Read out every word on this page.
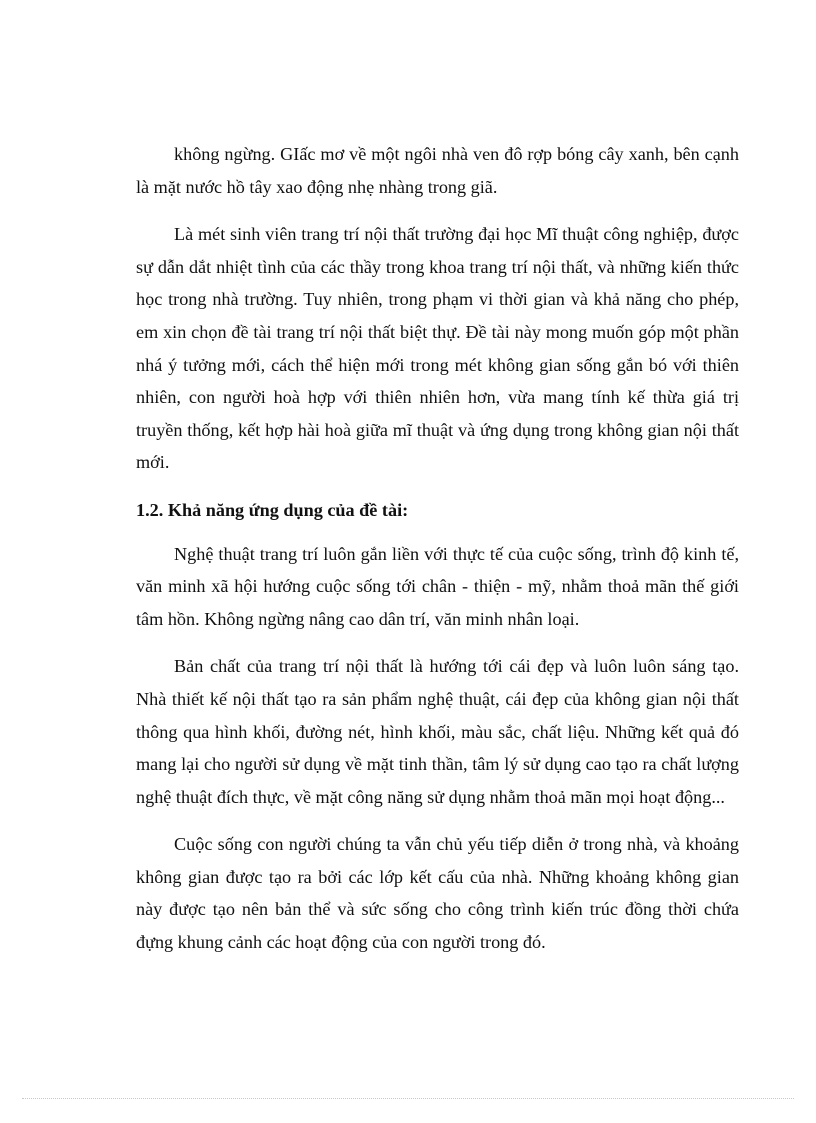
không ngừng. GIấc mơ về một ngôi nhà ven đô rợp bóng cây xanh, bên cạnh là mặt nước hồ tây xao động nhẹ nhàng trong giã.

Là mét sinh viên trang trí nội thất trường đại học Mĩ thuật công nghiệp, được sự dẫn dắt nhiệt tình của các thầy trong khoa trang trí nội thất, và những kiến thức học trong nhà trường. Tuy nhiên, trong phạm vi thời gian và khả năng cho phép, em xin chọn đề tài trang trí nội thất biệt thự. Đề tài này mong muốn góp một phần nhá ý tưởng mới, cách thể hiện mới trong mét không gian sống gắn bó với thiên nhiên, con người hoà hợp với thiên nhiên hơn, vừa mang tính kế thừa giá trị truyền thống, kết hợp hài hoà giữa mĩ thuật và ứng dụng trong không gian nội thất mới.

1.2. Khả năng ứng dụng của đề tài:

Nghệ thuật trang trí luôn gắn liền với thực tế của cuộc sống, trình độ kinh tế, văn minh xã hội hướng cuộc sống tới chân - thiện - mỹ, nhằm thoả mãn thế giới tâm hồn. Không ngừng nâng cao dân trí, văn minh nhân loại.

Bản chất của trang trí nội thất là hướng tới cái đẹp và luôn luôn sáng tạo. Nhà thiết kế nội thất tạo ra sản phẩm nghệ thuật, cái đẹp của không gian nội thất thông qua hình khối, đường nét, hình khối, màu sắc, chất liệu. Những kết quả đó mang lại cho người sử dụng về mặt tinh thần, tâm lý sử dụng cao tạo ra chất lượng nghệ thuật đích thực, về mặt công năng sử dụng nhằm thoả mãn mọi hoạt động...

Cuộc sống con người chúng ta vẫn chủ yếu tiếp diễn ở trong nhà, và khoảng không gian được tạo ra bởi các lớp kết cấu của nhà. Những khoảng không gian này được tạo nên bản thể và sức sống cho công trình kiến trúc đồng thời chứa đựng khung cảnh các hoạt động của con người trong đó.
